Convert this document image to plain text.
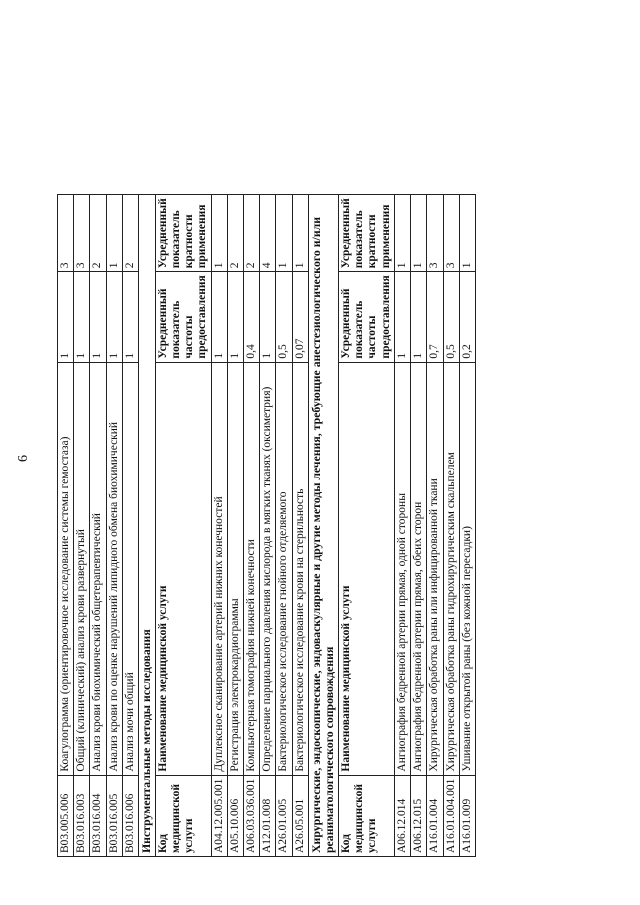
6
B03.005.006	Коагулограмма (ориентировочное исследование системы гемостаза)	1	3
B03.016.003	Общий (клинический) анализ крови развернутый	1	3
B03.016.004	Анализ крови биохимический общетерапевтический	1	2
B03.016.005	Анализ крови по оценке нарушений липидного обмена биохимический	1	1
B03.016.006	Анализ мочи общий	1	2
Инструментальные методы исследования			
Код медицинской услуги	Наименование медицинской услуги	Усредненный показатель частоты предоставления	Усредненный показатель кратности применения
A04.12.005.001	Дуплексное сканирование артерий нижних конечностей	1	1
A05.10.006	Регистрация электрокардиограммы	1	2
A06.03.036.001	Компьютерная томография нижней конечности	0,4	2
A12.01.008	Определение парциального давления кислорода в мягких тканях (оксиметрия)	1	4
A26.01.005	Бактериологическое исследование гнойного отделяемого	0,5	1
A26.05.001	Бактериологическое исследование крови на стерильность	0,07	1
Хирургические, эндоскопические, эндоваскулярные и другие методы лечения, требующие анестезиологического и/или реаниматологического сопровождения			
Код медицинской услуги	Наименование медицинской услуги	Усредненный показатель частоты предоставления	Усредненный показатель кратности применения
A06.12.014	Ангиография бедренной артерии прямая, одной стороны	1	1
A06.12.015	Ангиография бедренной артерии прямая, обеих сторон	1	1
A16.01.004	Хирургическая обработка раны или инфицированной ткани	0,7	3
A16.01.004.001	Хирургическая обработка раны гидрохирургическим скальпелем	0,5	3
A16.01.009	Ушивание открытой раны (без кожной пересадки)	0,2	1
